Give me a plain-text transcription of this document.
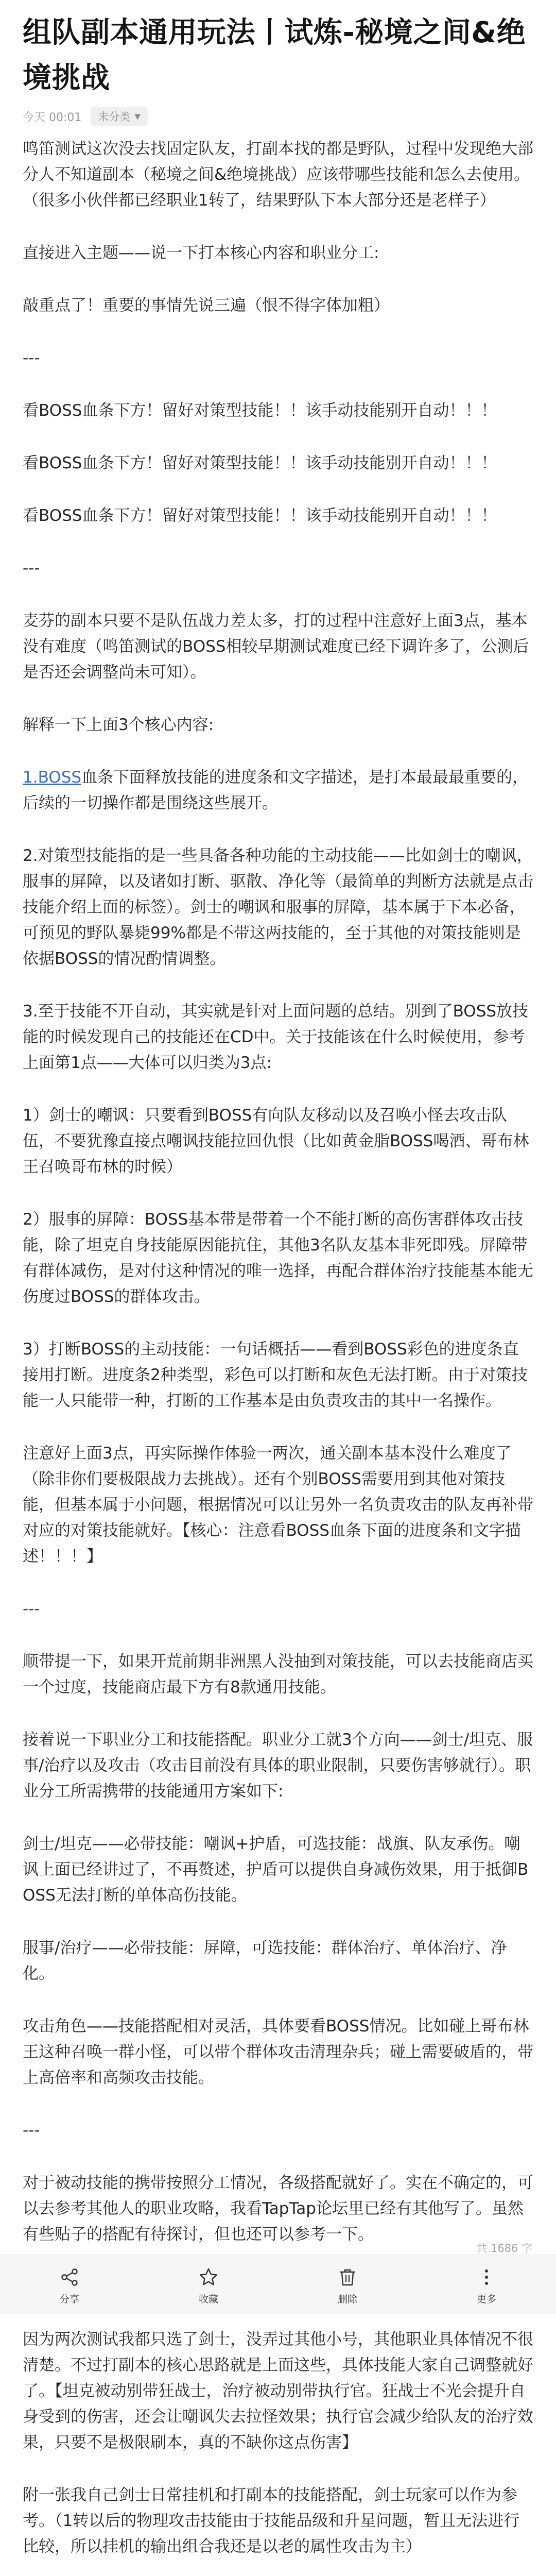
组队副本通用玩法丨试炼-秘境之间&绝境挑战
今天 00:01 未分类 ▼

鸣笛测试这次没去找固定队友，打副本找的都是野队，过程中发现绝大部分人不知道副本（秘境之间&绝境挑战）应该带哪些技能和怎么去使用。（很多小伙伴都已经职业1转了，结果野队下本大部分还是老样子）

直接进入主题——说一下打本核心内容和职业分工:

敲重点了！重要的事情先说三遍（恨不得字体加粗）

---

看BOSS血条下方！留好对策型技能！！该手动技能别开自动！！！

看BOSS血条下方！留好对策型技能！！该手动技能别开自动！！！

看BOSS血条下方！留好对策型技能！！该手动技能别开自动！！！

---

麦芬的副本只要不是队伍战力差太多，打的过程中注意好上面3点，基本没有难度（鸣笛测试的BOSS相较早期测试难度已经下调许多了，公测后是否还会调整尚未可知）。

解释一下上面3个核心内容:

1.BOSS血条下面释放技能的进度条和文字描述，是打本最最最重要的，后续的一切操作都是围绕这些展开。

2.对策型技能指的是一些具备各种功能的主动技能——比如剑士的嘲讽，服事的屏障，以及诸如打断、驱散、净化等（最简单的判断方法就是点击技能介绍上面的标签）。剑士的嘲讽和服事的屏障，基本属于下本必备，可预见的野队暴毙99%都是不带这两技能的，至于其他的对策技能则是依据BOSS的情况酌情调整。

3.至于技能不开自动，其实就是针对上面问题的总结。别到了BOSS放技能的时候发现自己的技能还在CD中。关于技能该在什么时候使用，参考上面第1点——大体可以归类为3点:

1）剑士的嘲讽：只要看到BOSS有向队友移动以及召唤小怪去攻击队伍，不要犹豫直接点嘲讽技能拉回仇恨（比如黄金脂BOSS喝酒、哥布林王召唤哥布林的时候）

2）服事的屏障：BOSS基本带是带着一个不能打断的高伤害群体攻击技能，除了坦克自身技能原因能抗住，其他3名队友基本非死即残。屏障带有群体减伤，是对付这种情况的唯一选择，再配合群体治疗技能基本能无伤度过BOSS的群体攻击。

3）打断BOSS的主动技能：一句话概括——看到BOSS彩色的进度条直接用打断。进度条2种类型，彩色可以打断和灰色无法打断。由于对策技能一人只能带一种，打断的工作基本是由负责攻击的其中一名操作。

注意好上面3点，再实际操作体验一两次，通关副本基本没什么难度了（除非你们要极限战力去挑战）。还有个别BOSS需要用到其他对策技能，但基本属于小问题，根据情况可以让另外一名负责攻击的队友再补带对应的对策技能就好。【核心：注意看BOSS血条下面的进度条和文字描述！！！】

---

顺带提一下，如果开荒前期非洲黑人没抽到对策技能，可以去技能商店买一个过度，技能商店最下方有8款通用技能。

接着说一下职业分工和技能搭配。职业分工就3个方向——剑士/坦克、服事/治疗以及攻击（攻击目前没有具体的职业限制，只要伤害够就行）。职业分工所需携带的技能通用方案如下:

剑士/坦克——必带技能：嘲讽+护盾，可选技能：战旗、队友承伤。嘲讽上面已经讲过了，不再赘述，护盾可以提供自身减伤效果，用于抵御BOSS无法打断的单体高伤技能。

服事/治疗——必带技能：屏障，可选技能：群体治疗、单体治疗、净化。

攻击角色——技能搭配相对灵活，具体要看BOSS情况。比如碰上哥布林王这种召唤一群小怪，可以带个群体攻击清理杂兵；碰上需要破盾的，带上高倍率和高频攻击技能。

---

对于被动技能的携带按照分工情况，各级搭配就好了。实在不确定的，可以去参考其他人的职业攻略，我看TapTap论坛里已经有其他写了。虽然有些贴子的搭配有待探讨，但也还可以参考一下。

因为两次测试我都只选了剑士，没弄过其他小号，其他职业具体情况不很清楚。不过打副本的核心思路就是上面这些，具体技能大家自己调整就好了。【坦克被动别带狂战士，治疗被动别带执行官。狂战士不光会提升自身受到的伤害，还会让嘲讽失去拉怪效果；执行官会减少给队友的治疗效果，只要不是极限刷本，真的不缺你这点伤害】

附一张我自己剑士日常挂机和打副本的技能搭配，剑士玩家可以作为参考。（1转以后的物理攻击技能由于技能品级和升星问题，暂且无法进行比较，所以挂机的输出组合我还是以老的属性攻击为主）

共 1686 字
分享	收藏	删除	更多
